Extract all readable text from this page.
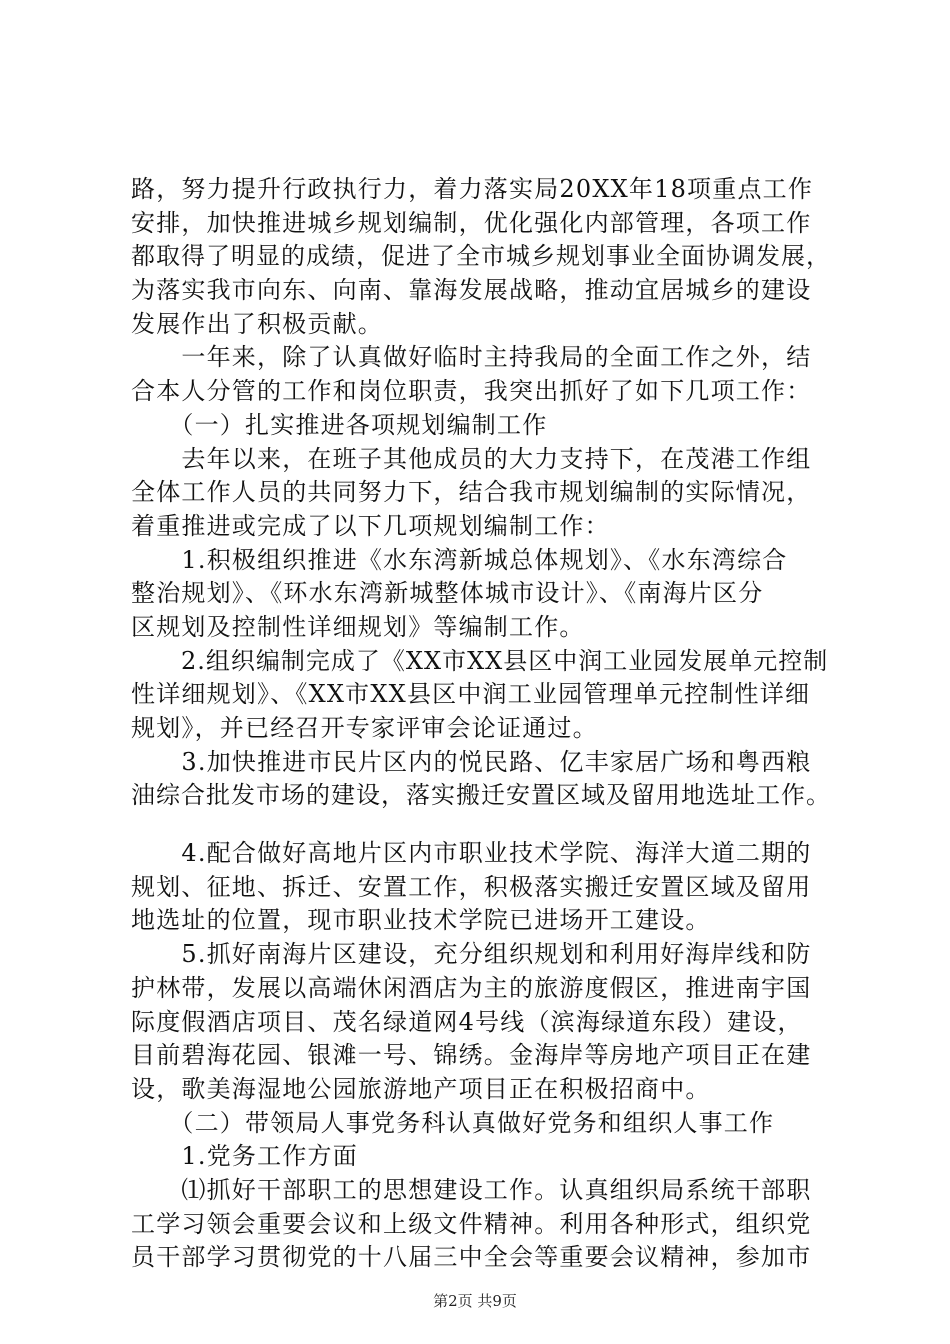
路，努力提升行政执行力，着力落实局20XX年18项重点工作
安排，加快推进城乡规划编制，优化强化内部管理，各项工作
都取得了明显的成绩，促进了全市城乡规划事业全面协调发展，
为落实我市向东、向南、靠海发展战略，推动宜居城乡的建设
发展作出了积极贡献。
　　一年来，除了认真做好临时主持我局的全面工作之外，结
合本人分管的工作和岗位职责，我突出抓好了如下几项工作：
　　（一）扎实推进各项规划编制工作
　　去年以来，在班子其他成员的大力支持下，在茂港工作组
全体工作人员的共同努力下，结合我市规划编制的实际情况，
着重推进或完成了以下几项规划编制工作：
　　1.积极组织推进《水东湾新城总体规划》、《水东湾综合
整治规划》、《环水东湾新城整体城市设计》、《南海片区分
区规划及控制性详细规划》等编制工作。
　　2.组织编制完成了《XX市XX县区中润工业园发展单元控制
性详细规划》、《XX市XX县区中润工业园管理单元控制性详细
规划》，并已经召开专家评审会论证通过。
　　3.加快推进市民片区内的悦民路、亿丰家居广场和粤西粮
油综合批发市场的建设，落实搬迁安置区域及留用地选址工作。
　　4.配合做好高地片区内市职业技术学院、海洋大道二期的
规划、征地、拆迁、安置工作，积极落实搬迁安置区域及留用
地选址的位置，现市职业技术学院已进场开工建设。
　　5.抓好南海片区建设，充分组织规划和利用好海岸线和防
护林带，发展以高端休闲酒店为主的旅游度假区，推进南宇国
际度假酒店项目、茂名绿道网4号线（滨海绿道东段）建设，
目前碧海花园、银滩一号、锦绣。金海岸等房地产项目正在建
设，歌美海湿地公园旅游地产项目正在积极招商中。
　　（二）带领局人事党务科认真做好党务和组织人事工作
　　1.党务工作方面
　　⑴抓好干部职工的思想建设工作。认真组织局系统干部职
工学习领会重要会议和上级文件精神。利用各种形式，组织党
员干部学习贯彻党的十八届三中全会等重要会议精神，参加市
第2页 共9页
